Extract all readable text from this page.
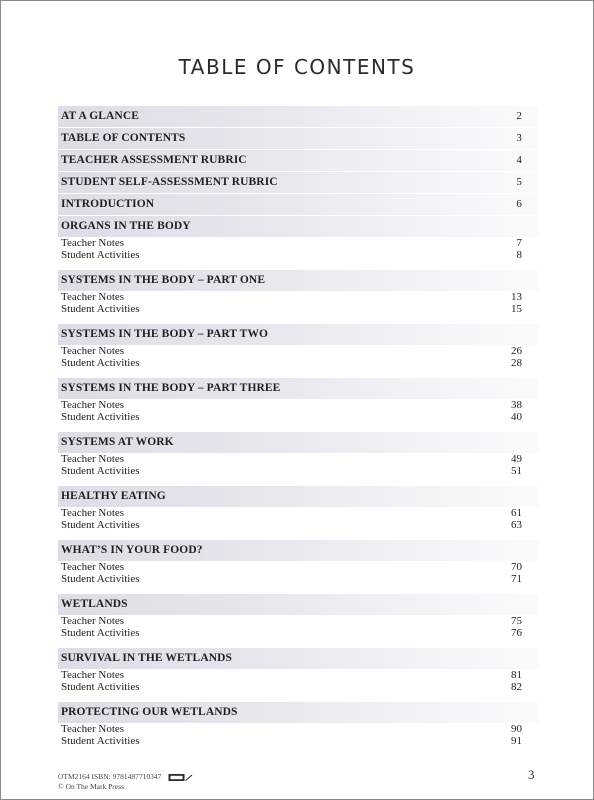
TABLE OF CONTENTS
AT A GLANCE	2
TABLE OF CONTENTS	3
TEACHER ASSESSMENT RUBRIC	4
STUDENT SELF-ASSESSMENT RUBRIC	5
INTRODUCTION	6
ORGANS IN THE BODY
Teacher Notes	7
Student Activities	8
SYSTEMS IN THE BODY – PART ONE
Teacher Notes	13
Student Activities	15
SYSTEMS IN THE BODY – PART TWO
Teacher Notes	26
Student Activities	28
SYSTEMS IN THE BODY – PART THREE
Teacher Notes	38
Student Activities	40
SYSTEMS AT WORK
Teacher Notes	49
Student Activities	51
HEALTHY EATING
Teacher Notes	61
Student Activities	63
WHAT’S IN YOUR FOOD?
Teacher Notes	70
Student Activities	71
WETLANDS
Teacher Notes	75
Student Activities	76
SURVIVAL IN THE WETLANDS
Teacher Notes	81
Student Activities	82
PROTECTING OUR WETLANDS
Teacher Notes	90
Student Activities	91
OTM2164 ISBN: 9781487710347
© On The Mark Press
3
